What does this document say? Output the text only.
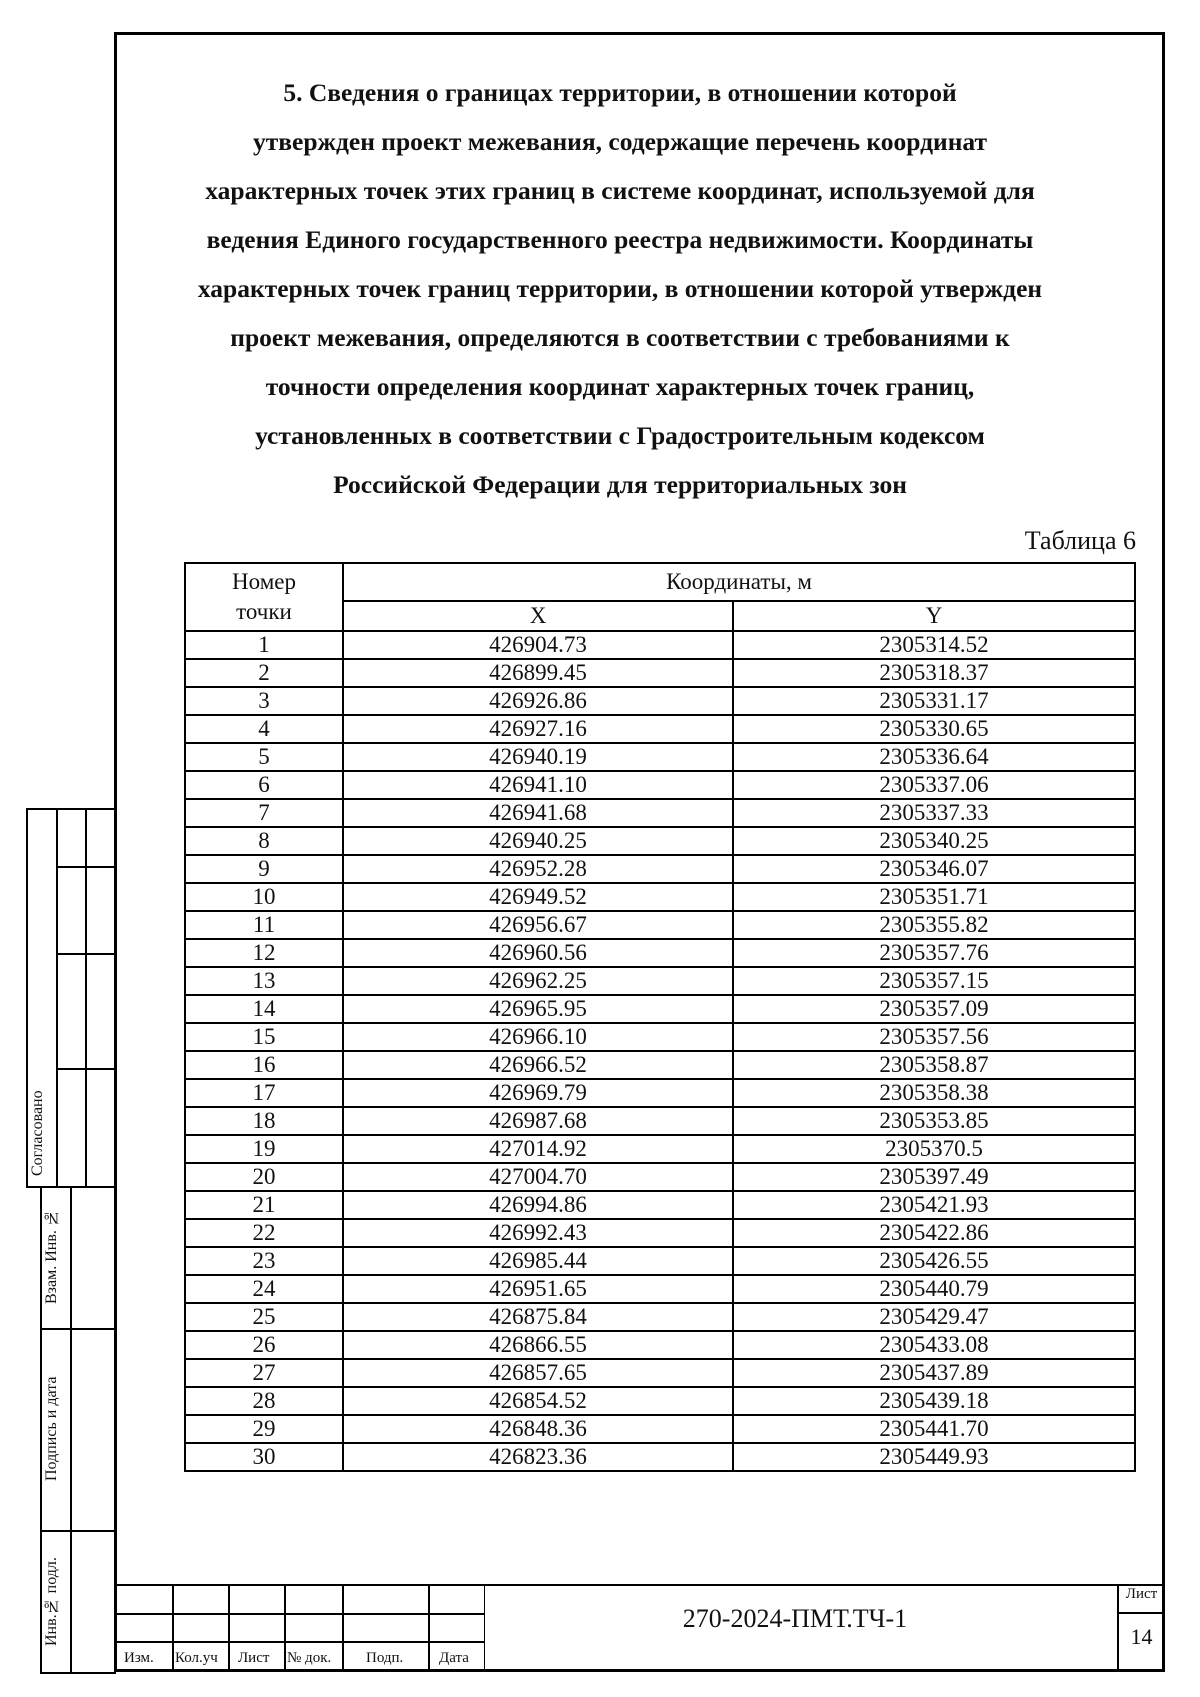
5. Сведения о границах территории, в отношении которой

утвержден проект межевания, содержащие перечень координат

характерных точек этих границ в системе координат, используемой для

ведения Единого государственного реестра недвижимости. Координаты

характерных точек границ территории, в отношении которой утвержден

проект межевания, определяются в соответствии с требованиями к

точности определения координат характерных точек границ,

установленных в соответствии с Градостроительным кодексом

Российской Федерации для территориальных зон

Таблица 6
Номер
точки	Координаты, м	
	X	Y
1	426904.73	2305314.52
2	426899.45	2305318.37
3	426926.86	2305331.17
4	426927.16	2305330.65
5	426940.19	2305336.64
6	426941.10	2305337.06
7	426941.68	2305337.33
8	426940.25	2305340.25
9	426952.28	2305346.07
10	426949.52	2305351.71
11	426956.67	2305355.82
12	426960.56	2305357.76
13	426962.25	2305357.15
14	426965.95	2305357.09
15	426966.10	2305357.56
16	426966.52	2305358.87
17	426969.79	2305358.38
18	426987.68	2305353.85
19	427014.92	2305370.5
20	427004.70	2305397.49
21	426994.86	2305421.93
22	426992.43	2305422.86
23	426985.44	2305426.55
24	426951.65	2305440.79
25	426875.84	2305429.47
26	426866.55	2305433.08
27	426857.65	2305437.89
28	426854.52	2305439.18
29	426848.36	2305441.70
30	426823.36	2305449.93
Согласовано
Взам. Инв. №
Подпись и дата
Инв.№ подл.
Изм. Кол.уч Лист № док. Подп. Дата
270-2024-ПМТ.ТЧ-1
Лист
14
